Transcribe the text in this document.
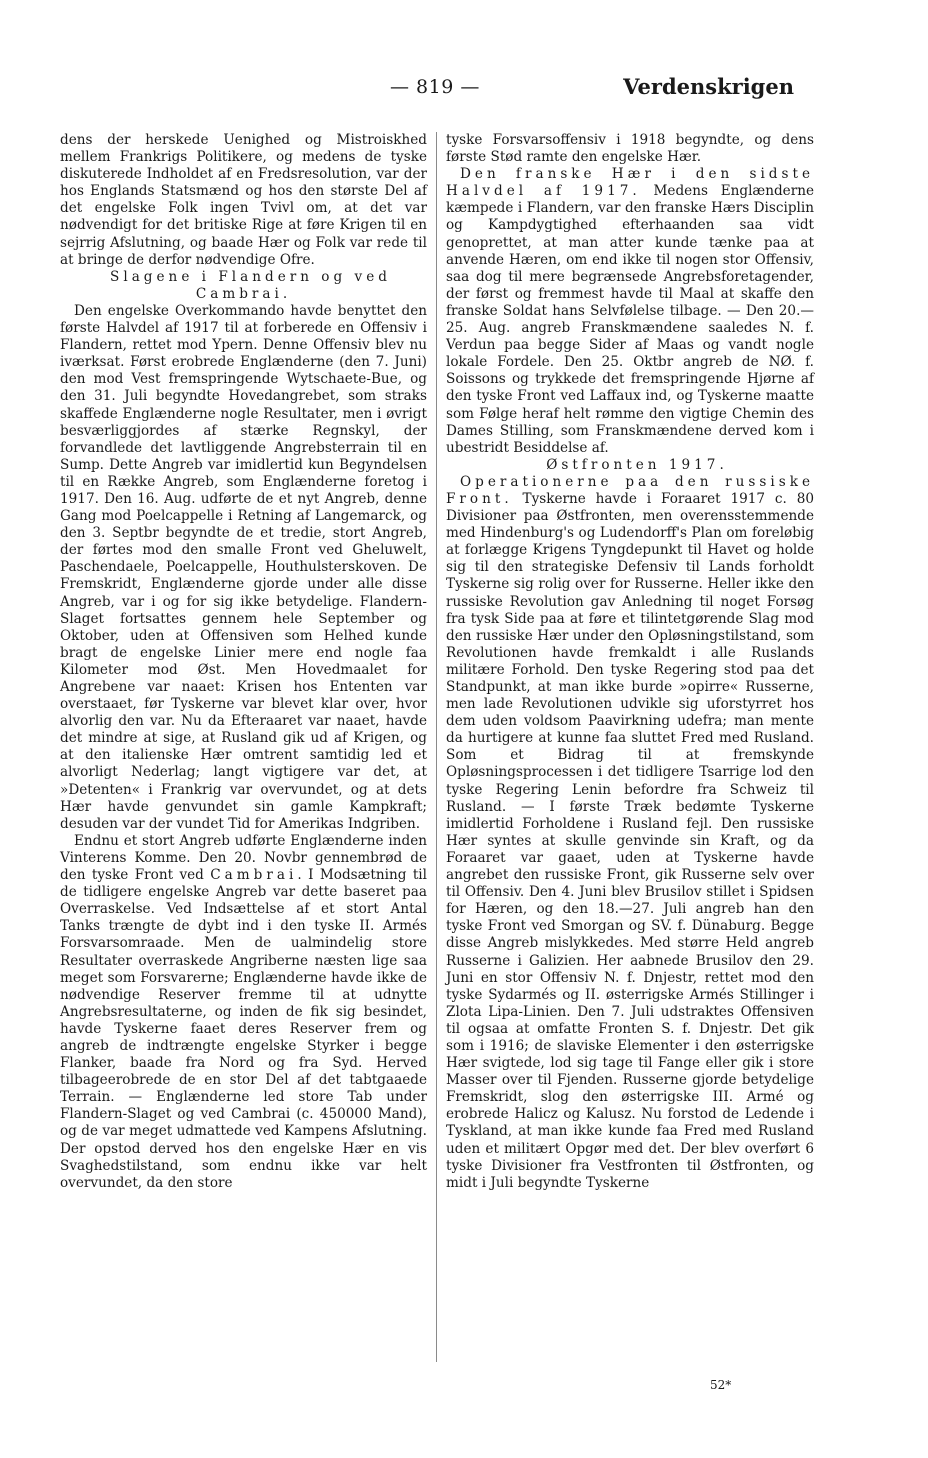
— 819 —	Verdenskrigen

dens der herskede Uenighed og Mistroiskhed mellem Frankrigs Politikere, og medens de tyske diskuterede Indholdet af en Fredsresolution, var der hos Englands Statsmænd og hos den største Del af det engelske Folk ingen Tvivl om, at det var nødvendigt for det britiske Rige at føre Krigen til en sejrrig Afslutning, og baade Hær og Folk var rede til at bringe de derfor nødvendige Ofre.

Slagene i Flandern og ved Cambrai.

Den engelske Overkommando havde benyttet den første Halvdel af 1917 til at forberede en Offensiv i Flandern, rettet mod Ypern. Denne Offensiv blev nu iværksat. Først erobrede Englænderne (den 7. Juni) den mod Vest fremspringende Wytschaete-Bue, og den 31. Juli begyndte Hovedangrebet, som straks skaffede Englænderne nogle Resultater, men i øvrigt besværliggjordes af stærke Regnskyl, der forvandlede det lavtliggende Angrebsterrain til en Sump. Dette Angreb var imidlertid kun Begyndelsen til en Række Angreb, som Englænderne foretog i 1917. Den 16. Aug. udførte de et nyt Angreb, denne Gang mod Poelcappelle i Retning af Langemarck, og den 3. Septbr begyndte de et tredie, stort Angreb, der førtes mod den smalle Front ved Gheluwelt, Paschendaele, Poelcappelle, Houthulsterskoven. De Fremskridt, Englænderne gjorde under alle disse Angreb, var i og for sig ikke betydelige. Flandern-Slaget fortsattes gennem hele September og Oktober, uden at Offensiven som Helhed kunde bragt de engelske Linier mere end nogle faa Kilometer mod Øst. Men Hovedmaalet for Angrebene var naaet: Krisen hos Ententen var overstaaet, før Tyskerne var blevet klar over, hvor alvorlig den var. Nu da Efteraaret var naaet, havde det mindre at sige, at Rusland gik ud af Krigen, og at den italienske Hær omtrent samtidig led et alvorligt Nederlag; langt vigtigere var det, at »Detenten« i Frankrig var overvundet, og at dets Hær havde genvundet sin gamle Kampkraft; desuden var der vundet Tid for Amerikas Indgriben.

Endnu et stort Angreb udførte Englænderne inden Vinterens Komme. Den 20. Novbr gennembrød de den tyske Front ved Cambrai. I Modsætning til de tidligere engelske Angreb var dette baseret paa Overraskelse. Ved Indsættelse af et stort Antal Tanks trængte de dybt ind i den tyske II. Armés Forsvarsomraade. Men de ualmindelig store Resultater overraskede Angriberne næsten lige saa meget som Forsvarerne; Englænderne havde ikke de nødvendige Reserver fremme til at udnytte Angrebsresultaterne, og inden de fik sig besindet, havde Tyskerne faaet deres Reserver frem og angreb de indtrængte engelske Styrker i begge Flanker, baade fra Nord og fra Syd. Herved tilbageerobrede de en stor Del af det tabtgaaede Terrain. — Englænderne led store Tab under Flandern-Slaget og ved Cambrai (c. 450000 Mand), og de var meget udmattede ved Kampens Afslutning. Der opstod derved hos den engelske Hær en vis Svaghedstilstand, som endnu ikke var helt overvundet, da den store

tyske Forsvarsoffensiv i 1918 begyndte, og dens første Stød ramte den engelske Hær.

Den franske Hær i den sidste Halvdel af 1917. Medens Englænderne kæmpede i Flandern, var den franske Hærs Disciplin og Kampdygtighed efterhaanden saa vidt genoprettet, at man atter kunde tænke paa at anvende Hæren, om end ikke til nogen stor Offensiv, saa dog til mere begrænsede Angrebsforetagender, der først og fremmest havde til Maal at skaffe den franske Soldat hans Selvfølelse tilbage. — Den 20.—25. Aug. angreb Franskmændene saaledes N. f. Verdun paa begge Sider af Maas og vandt nogle lokale Fordele. Den 25. Oktbr angreb de NØ. f. Soissons og trykkede det fremspringende Hjørne af den tyske Front ved Laffaux ind, og Tyskerne maatte som Følge heraf helt rømme den vigtige Chemin des Dames Stilling, som Franskmændene derved kom i ubestridt Besiddelse af.

Østfronten 1917.

Operationerne paa den russiske Front. Tyskerne havde i Foraaret 1917 c. 80 Divisioner paa Østfronten, men overensstemmende med Hindenburg's og Ludendorff's Plan om foreløbig at forlægge Krigens Tyngdepunkt til Havet og holde sig til den strategiske Defensiv til Lands forholdt Tyskerne sig rolig over for Russerne. Heller ikke den russiske Revolution gav Anledning til noget Forsøg fra tysk Side paa at føre et tilintetgørende Slag mod den russiske Hær under den Opløsningstilstand, som Revolutionen havde fremkaldt i alle Ruslands militære Forhold. Den tyske Regering stod paa det Standpunkt, at man ikke burde »opirre« Russerne, men lade Revolutionen udvikle sig uforstyrret hos dem uden voldsom Paavirkning udefra; man mente da hurtigere at kunne faa sluttet Fred med Rusland. Som et Bidrag til at fremskynde Opløsningsprocessen i det tidligere Tsarrige lod den tyske Regering Lenin befordre fra Schweiz til Rusland. — I første Træk bedømte Tyskerne imidlertid Forholdene i Rusland fejl. Den russiske Hær syntes at skulle genvinde sin Kraft, og da Foraaret var gaaet, uden at Tyskerne havde angrebet den russiske Front, gik Russerne selv over til Offensiv. Den 4. Juni blev Brusilov stillet i Spidsen for Hæren, og den 18.—27. Juli angreb han den tyske Front ved Smorgan og SV. f. Dünaburg. Begge disse Angreb mislykkedes. Med større Held angreb Russerne i Galizien. Her aabnede Brusilov den 29. Juni en stor Offensiv N. f. Dnjestr, rettet mod den tyske Sydarmés og II. østerrigske Armés Stillinger i Zlota Lipa-Linien. Den 7. Juli udstraktes Offensiven til ogsaa at omfatte Fronten S. f. Dnjestr. Det gik som i 1916; de slaviske Elementer i den østerrigske Hær svigtede, lod sig tage til Fange eller gik i store Masser over til Fjenden. Russerne gjorde betydelige Fremskridt, slog den østerrigske III. Armé og erobrede Halicz og Kalusz. Nu forstod de Ledende i Tyskland, at man ikke kunde faa Fred med Rusland uden et militært Opgør med det. Der blev overført 6 tyske Divisioner fra Vestfronten til Østfronten, og midt i Juli begyndte Tyskerne

52*
